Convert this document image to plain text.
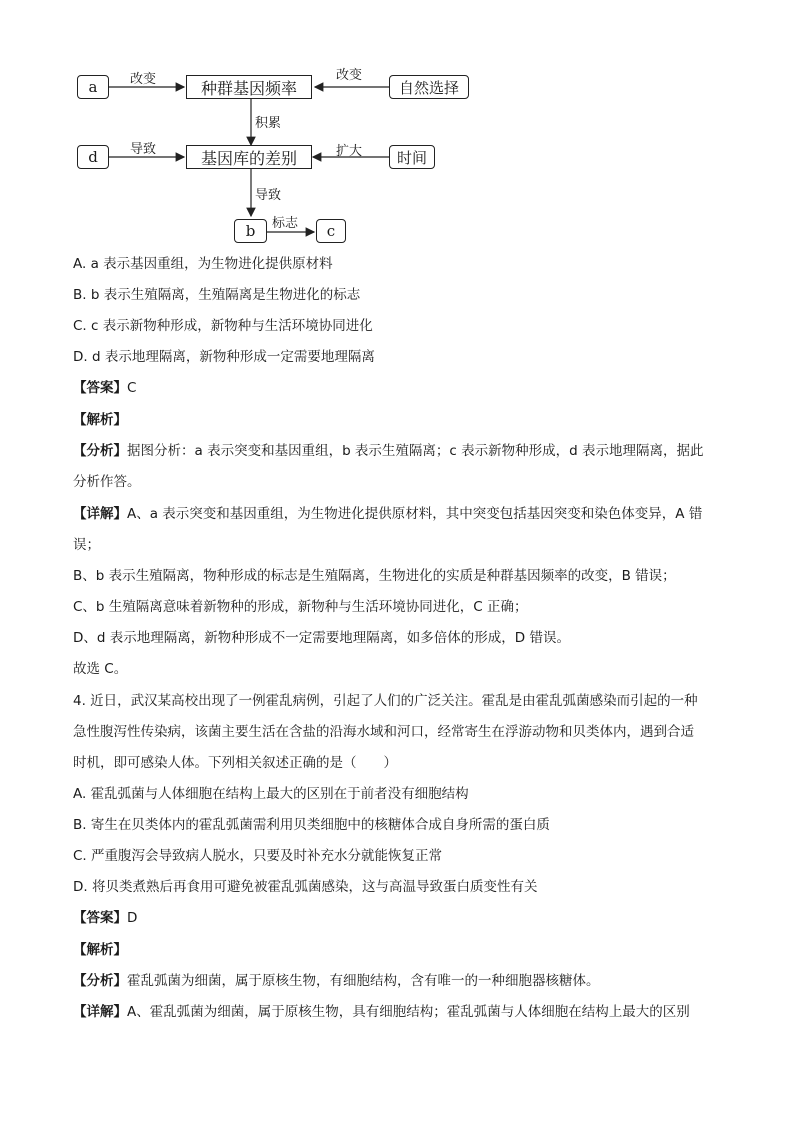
a	种群基因频率	自然选择
d	基因库的差别	时间
b	c
改变	改变
积累
导致	扩大
导致
标志
A. a 表示基因重组，为生物进化提供原材料
B. b 表示生殖隔离，生殖隔离是生物进化的标志
C. c 表示新物种形成，新物种与生活环境协同进化
D. d 表示地理隔离，新物种形成一定需要地理隔离
【答案】C
【解析】
【分析】据图分析：a 表示突变和基因重组，b 表示生殖隔离；c 表示新物种形成，d 表示地理隔离，据此
分析作答。
【详解】A、a 表示突变和基因重组，为生物进化提供原材料，其中突变包括基因突变和染色体变异，A 错
误；
B、b 表示生殖隔离，物种形成的标志是生殖隔离，生物进化的实质是种群基因频率的改变，B 错误；
C、b 生殖隔离意味着新物种的形成，新物种与生活环境协同进化，C 正确；
D、d 表示地理隔离，新物种形成不一定需要地理隔离，如多倍体的形成，D 错误。
故选 C。
4. 近日，武汉某高校出现了一例霍乱病例，引起了人们的广泛关注。霍乱是由霍乱弧菌感染而引起的一种
急性腹泻性传染病，该菌主要生活在含盐的沿海水域和河口，经常寄生在浮游动物和贝类体内，遇到合适
时机，即可感染人体。下列相关叙述正确的是（　　）
A. 霍乱弧菌与人体细胞在结构上最大的区别在于前者没有细胞结构
B. 寄生在贝类体内的霍乱弧菌需利用贝类细胞中的核糖体合成自身所需的蛋白质
C. 严重腹泻会导致病人脱水，只要及时补充水分就能恢复正常
D. 将贝类煮熟后再食用可避免被霍乱弧菌感染，这与高温导致蛋白质变性有关
【答案】D
【解析】
【分析】霍乱弧菌为细菌，属于原核生物，有细胞结构，含有唯一的一种细胞器核糖体。
【详解】A、霍乱弧菌为细菌，属于原核生物，具有细胞结构；霍乱弧菌与人体细胞在结构上最大的区别
